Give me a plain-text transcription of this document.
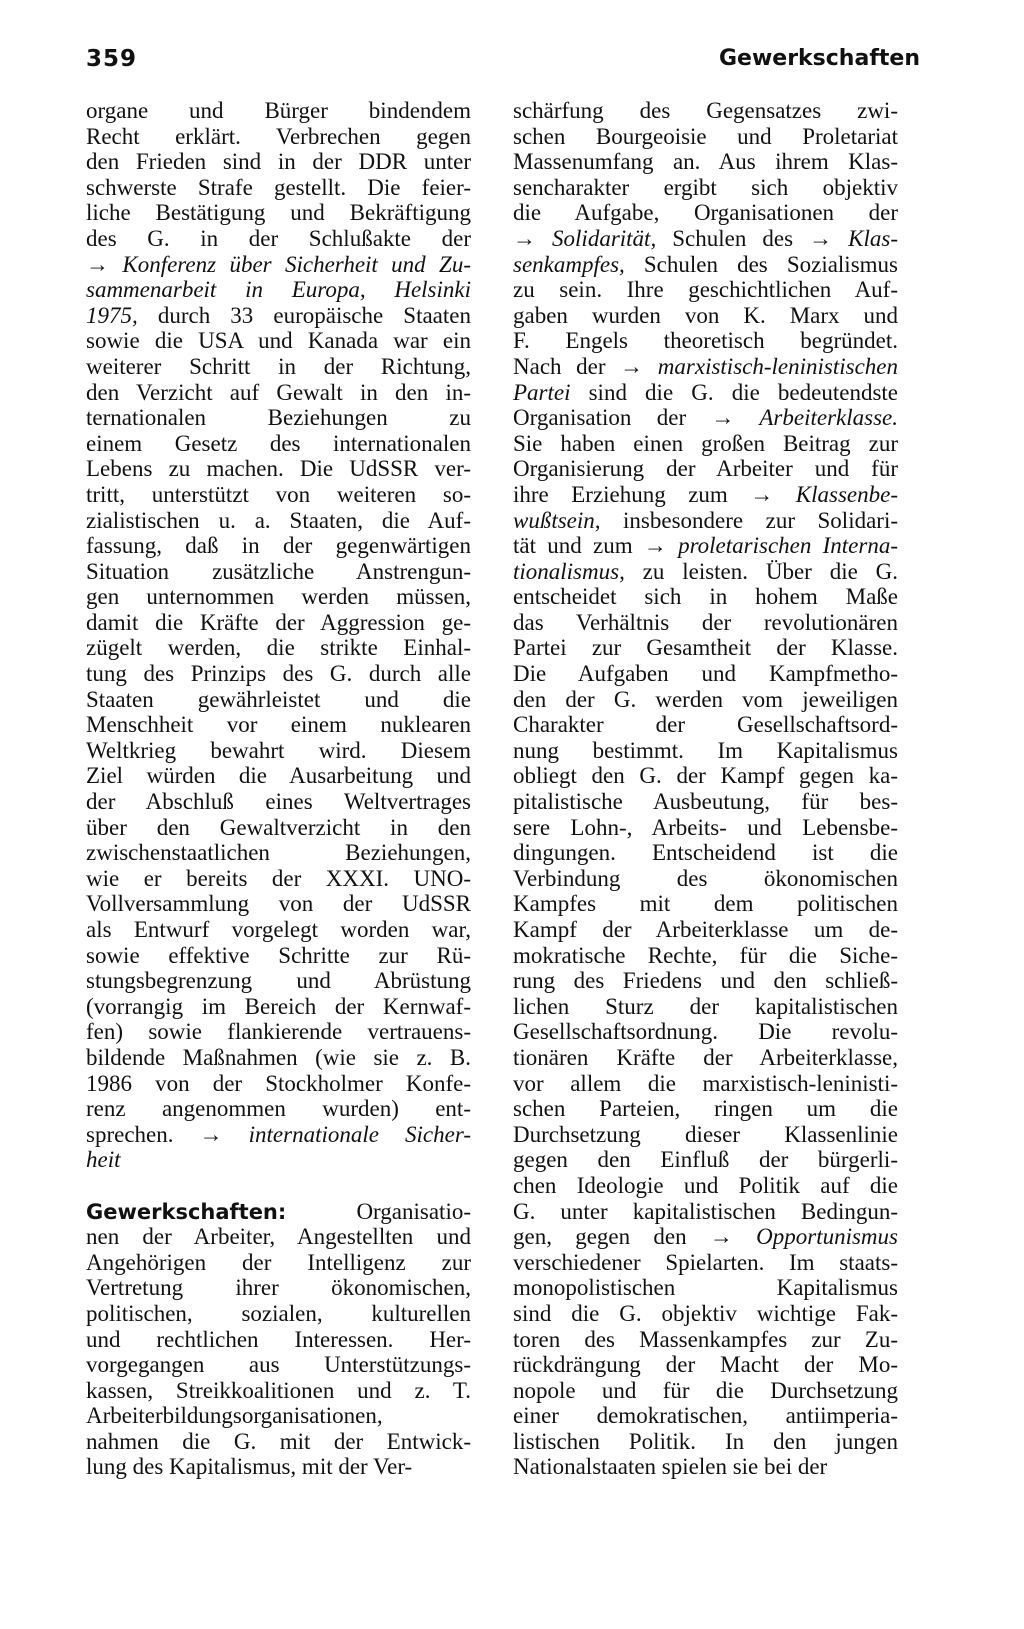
359	Gewerkschaften
organe und Bürger bindendem
Recht erklärt. Verbrechen gegen
den Frieden sind in der DDR unter
schwerste Strafe gestellt. Die feier-
liche Bestätigung und Bekräftigung
des G. in der Schlußakte der
→ Konferenz über Sicherheit und Zu-
sammenarbeit in Europa, Helsinki
1975, durch 33 europäische Staaten
sowie die USA und Kanada war ein
weiterer Schritt in der Richtung,
den Verzicht auf Gewalt in den in-
ternationalen Beziehungen zu
einem Gesetz des internationalen
Lebens zu machen. Die UdSSR ver-
tritt, unterstützt von weiteren so-
zialistischen u. a. Staaten, die Auf-
fassung, daß in der gegenwärtigen
Situation zusätzliche Anstrengun-
gen unternommen werden müssen,
damit die Kräfte der Aggression ge-
zügelt werden, die strikte Einhal-
tung des Prinzips des G. durch alle
Staaten gewährleistet und die
Menschheit vor einem nuklearen
Weltkrieg bewahrt wird. Diesem
Ziel würden die Ausarbeitung und
der Abschluß eines Weltvertrages
über den Gewaltverzicht in den
zwischenstaatlichen Beziehungen,
wie er bereits der XXXI. UNO-
Vollversammlung von der UdSSR
als Entwurf vorgelegt worden war,
sowie effektive Schritte zur Rü-
stungsbegrenzung und Abrüstung
(vorrangig im Bereich der Kernwaf-
fen) sowie flankierende vertrauens-
bildende Maßnahmen (wie sie z. B.
1986 von der Stockholmer Konfe-
renz angenommen wurden) ent-
sprechen. → internationale Sicher-
heit
Gewerkschaften: Organisatio-
nen der Arbeiter, Angestellten und
Angehörigen der Intelligenz zur
Vertretung ihrer ökonomischen,
politischen, sozialen, kulturellen
und rechtlichen Interessen. Her-
vorgegangen aus Unterstützungs-
kassen, Streikkoalitionen und z. T.
Arbeiterbildungsorganisationen,
nahmen die G. mit der Entwick-
lung des Kapitalismus, mit der Ver-
schärfung des Gegensatzes zwi-
schen Bourgeoisie und Proletariat
Massenumfang an. Aus ihrem Klas-
sencharakter ergibt sich objektiv
die Aufgabe, Organisationen der
→ Solidarität, Schulen des → Klas-
senkampfes, Schulen des Sozialismus
zu sein. Ihre geschichtlichen Auf-
gaben wurden von K. Marx und
F. Engels theoretisch begründet.
Nach der → marxistisch-leninistischen
Partei sind die G. die bedeutendste
Organisation der → Arbeiterklasse.
Sie haben einen großen Beitrag zur
Organisierung der Arbeiter und für
ihre Erziehung zum → Klassenbe-
wußtsein, insbesondere zur Solidari-
tät und zum → proletarischen Interna-
tionalismus, zu leisten. Über die G.
entscheidet sich in hohem Maße
das Verhältnis der revolutionären
Partei zur Gesamtheit der Klasse.
Die Aufgaben und Kampfmetho-
den der G. werden vom jeweiligen
Charakter der Gesellschaftsord-
nung bestimmt. Im Kapitalismus
obliegt den G. der Kampf gegen ka-
pitalistische Ausbeutung, für bes-
sere Lohn-, Arbeits- und Lebensbe-
dingungen. Entscheidend ist die
Verbindung des ökonomischen
Kampfes mit dem politischen
Kampf der Arbeiterklasse um de-
mokratische Rechte, für die Siche-
rung des Friedens und den schließ-
lichen Sturz der kapitalistischen
Gesellschaftsordnung. Die revolu-
tionären Kräfte der Arbeiterklasse,
vor allem die marxistisch-leninisti-
schen Parteien, ringen um die
Durchsetzung dieser Klassenlinie
gegen den Einfluß der bürgerli-
chen Ideologie und Politik auf die
G. unter kapitalistischen Bedingun-
gen, gegen den → Opportunismus
verschiedener Spielarten. Im staats-
monopolistischen Kapitalismus
sind die G. objektiv wichtige Fak-
toren des Massenkampfes zur Zu-
rückdrängung der Macht der Mo-
nopole und für die Durchsetzung
einer demokratischen, antiimperia-
listischen Politik. In den jungen
Nationalstaaten spielen sie bei der
